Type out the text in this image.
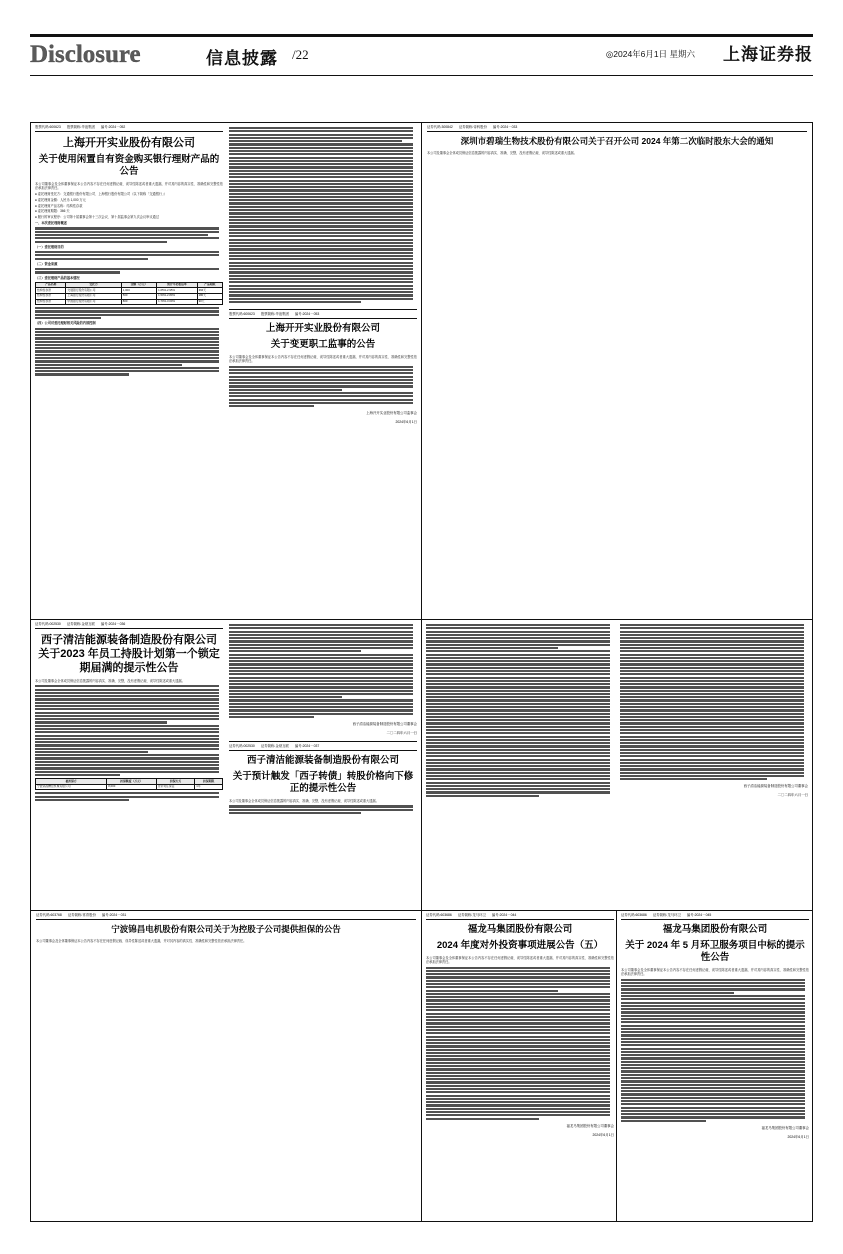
Disclosure	信息披露 /22	◎2024年6月1日 星期六 上海证券报
股票代码:600623 股票简称:华谊集团 编号:2024－052
上海开开实业股份有限公司
关于使用闲置自有资金购买银行理财产品的公告

本公司董事会及全体董事保证本公告内容不存在任何虚假记载、误导性陈述或者重大遗漏，并对其内容的真实性、准确性和完整性依法承担法律责任。

● 委托理财受托方：交通银行股份有限公司、上海银行股份有限公司（以下简称「交通银行」）

● 委托理财金额：人民币 1,000 万元

● 委托理财产品名称：结构性存款

● 委托理财期限：366 天

● 履行的审议程序：公司第十届董事会第十三次会议、第十届监事会第九次会议审议通过

一、本次委托理财概述

（一）委托理财目的

（二）资金来源

（三）委托理财产品的基本情况

产品名称	受托方	金额（万元）	预计年化收益率	产品期限
结构性存款	交通银行股份有限公司	1,000	1.65%-2.95%	366天
结构性存款	上海银行股份有限公司	500	1.50%-2.80%	180天
结构性存款	中国银行股份有限公司	800	1.70%-3.00%	90天

（四）公司对委托理财相关风险的内部控制

股票代码:600623 股票简称:华谊集团 编号:2024－053
上海开开实业股份有限公司
关于变更职工监事的公告

本公司董事会及全体董事保证本公告内容不存在任何虚假记载、误导性陈述或者重大遗漏，并对其内容的真实性、准确性和完整性依法承担法律责任。

上海开开实业股份有限公司监事会
2024年6月1日
证券代码:300842 证券简称:帝科股份 编号:2024－033
深圳市碧瑞生物技术股份有限公司关于召开公司 2024 年第二次临时股东大会的通知

本公司及董事会全体成员保证信息披露的内容真实、准确、完整，没有虚假记载、误导性陈述或重大遗漏。

证券代码:002530 证券简称:金财互联 编号:2024－036
西子清洁能源装备制造股份有限公司关于2023 年员工持股计划第一个锁定期届满的提示性公告

本公司及董事会全体成员保证信息披露的内容真实、准确、完整，没有虚假记载、误导性陈述或重大遗漏。

被担保方	担保额度（万元）	担保方式	担保期限
宁波锦昌精密机械有限公司	8,000	连带责任保证	1年
西子清洁能源装备制造股份有限公司董事会
二〇二四年六月一日
证券代码:002530 证券简称:金财互联 编号:2024－037
西子清洁能源装备制造股份有限公司
关于预计触发「西子转债」转股价格向下修正的提示性公告

本公司及董事会全体成员保证信息披露的内容真实、准确、完整，没有虚假记载、误导性陈述或重大遗漏。

西子清洁能源装备制造股份有限公司董事会
二〇二四年六月一日
证券代码:603768 证券简称:常青股份 编号:2024－031
宁波锦昌电机股份有限公司关于为控股子公司提供担保的公告

本公司董事会及全体董事保证本公告内容不存在任何虚假记载、误导性陈述或者重大遗漏，并对其内容的真实性、准确性和完整性依法承担法律责任。

证券代码:603686 证券简称:龙马环卫 编号:2024－044
福龙马集团股份有限公司
2024 年度对外投资事项进展公告（五）

本公司董事会及全体董事保证本公告内容不存在任何虚假记载、误导性陈述或者重大遗漏，并对其内容的真实性、准确性和完整性依法承担法律责任。

福龙马集团股份有限公司董事会
2024年6月1日
证券代码:603686 证券简称:龙马环卫 编号:2024－045
福龙马集团股份有限公司
关于 2024 年 5 月环卫服务项目中标的提示性公告

本公司董事会及全体董事保证本公告内容不存在任何虚假记载、误导性陈述或者重大遗漏，并对其内容的真实性、准确性和完整性依法承担法律责任。

福龙马集团股份有限公司董事会
2024年6月1日
